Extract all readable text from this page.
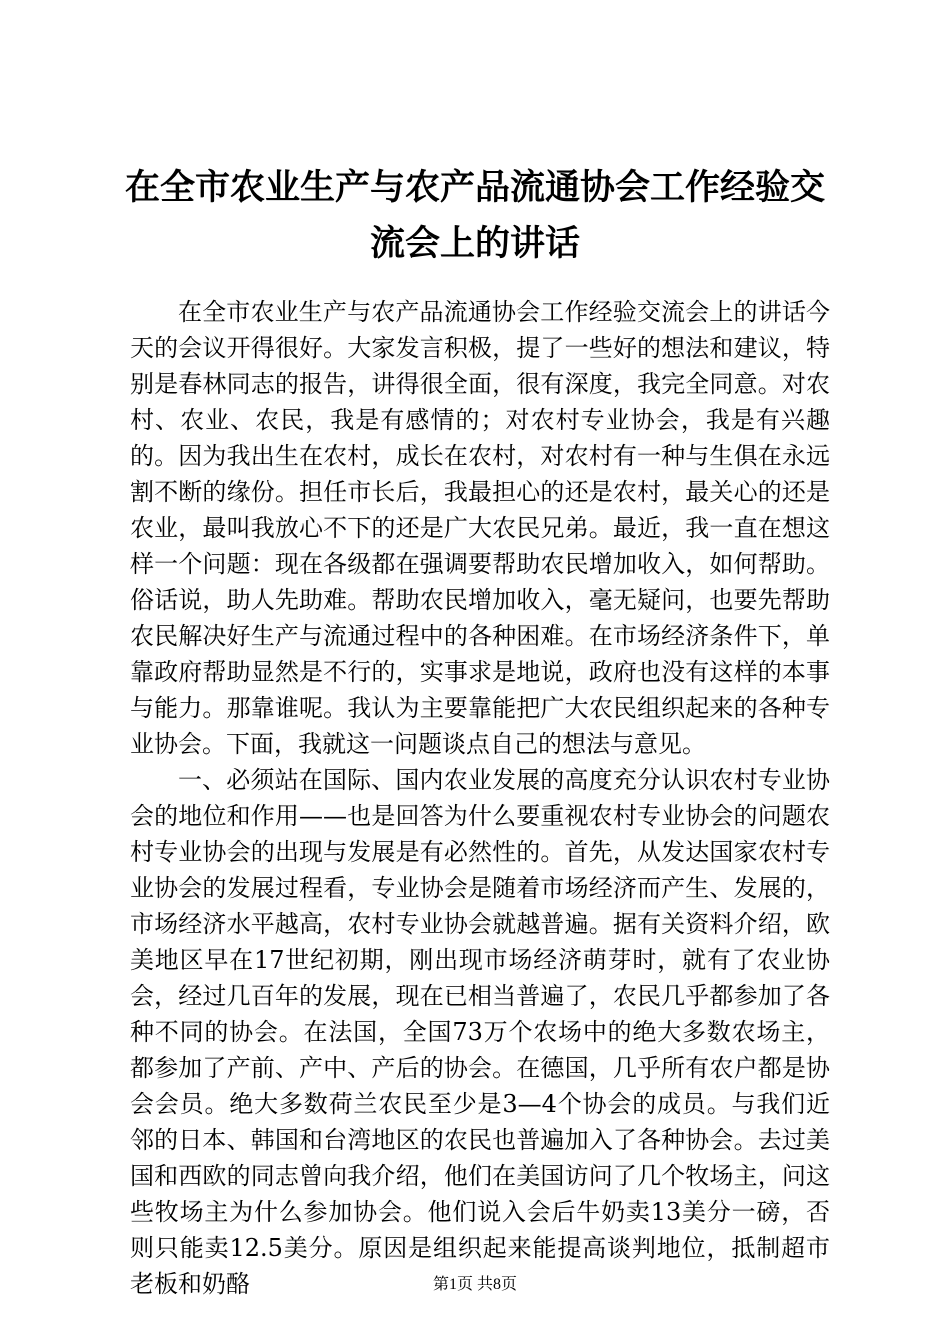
在全市农业生产与农产品流通协会工作经验交流会上的讲话

在全市农业生产与农产品流通协会工作经验交流会上的讲话今天的会议开得很好。大家发言积极，提了一些好的想法和建议，特别是春林同志的报告，讲得很全面，很有深度，我完全同意。对农村、农业、农民，我是有感情的；对农村专业协会，我是有兴趣的。因为我出生在农村，成长在农村，对农村有一种与生俱在永远割不断的缘份。担任市长后，我最担心的还是农村，最关心的还是农业，最叫我放心不下的还是广大农民兄弟。最近，我一直在想这样一个问题：现在各级都在强调要帮助农民增加收入，如何帮助。俗话说，助人先助难。帮助农民增加收入，毫无疑问，也要先帮助农民解决好生产与流通过程中的各种困难。在市场经济条件下，单靠政府帮助显然是不行的，实事求是地说，政府也没有这样的本事与能力。那靠谁呢。我认为主要靠能把广大农民组织起来的各种专业协会。下面，我就这一问题谈点自己的想法与意见。

一、必须站在国际、国内农业发展的高度充分认识农村专业协会的地位和作用——也是回答为什么要重视农村专业协会的问题农村专业协会的出现与发展是有必然性的。首先，从发达国家农村专业协会的发展过程看，专业协会是随着市场经济而产生、发展的，市场经济水平越高，农村专业协会就越普遍。据有关资料介绍，欧美地区早在17世纪初期，刚出现市场经济萌芽时，就有了农业协会，经过几百年的发展，现在已相当普遍了，农民几乎都参加了各种不同的协会。在法国，全国73万个农场中的绝大多数农场主，都参加了产前、产中、产后的协会。在德国，几乎所有农户都是协会会员。绝大多数荷兰农民至少是3—4个协会的成员。与我们近邻的日本、韩国和台湾地区的农民也普遍加入了各种协会。去过美国和西欧的同志曾向我介绍，他们在美国访问了几个牧场主，问这些牧场主为什么参加协会。他们说入会后牛奶卖13美分一磅，否则只能卖12.5美分。原因是组织起来能提高谈判地位，抵制超市老板和奶酪	第1页 共8页
